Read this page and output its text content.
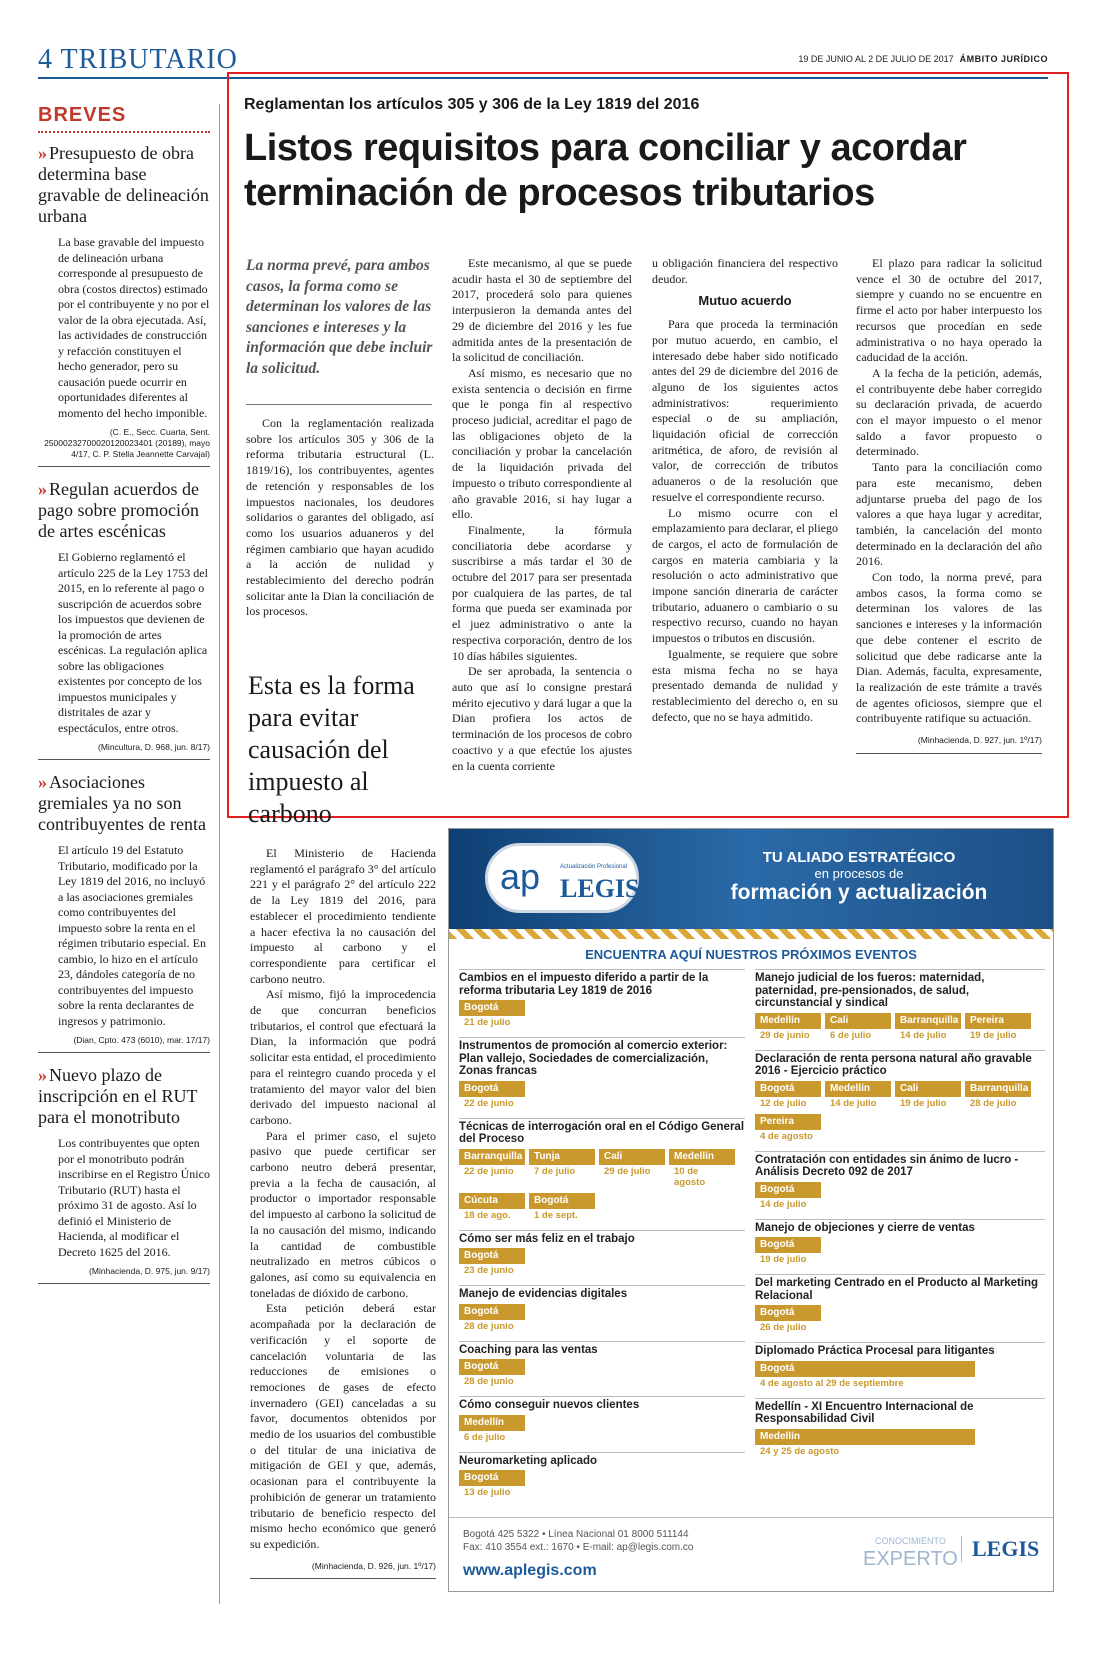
4 TRIBUTARIO	19 DE JUNIO AL 2 DE JULIO DE 2017 ÁMBITO JURÍDICO
BREVES
» Presupuesto de obra determina base gravable de delineación urbana
La base gravable del impuesto de delineación urbana corresponde al presupuesto de obra (costos directos) estimado por el contribuyente y no por el valor de la obra ejecutada. Así, las actividades de construcción y refacción constituyen el hecho generador, pero su causación puede ocurrir en oportunidades diferentes al momento del hecho imponible.
(C. E., Secc. Cuarta, Sent. 25000232700020120023401 (20189), mayo 4/17, C. P. Stella Jeannette Carvajal)
» Regulan acuerdos de pago sobre promoción de artes escénicas
El Gobierno reglamentó el artículo 225 de la Ley 1753 del 2015, en lo referente al pago o suscripción de acuerdos sobre los impuestos que devienen de la promoción de artes escénicas. La regulación aplica sobre las obligaciones existentes por concepto de los impuestos municipales y distritales de azar y espectáculos, entre otros.
(Mincultura, D. 968, jun. 8/17)
» Asociaciones gremiales ya no son contribuyentes de renta
El artículo 19 del Estatuto Tributario, modificado por la Ley 1819 del 2016, no incluyó a las asociaciones gremiales como contribuyentes del impuesto sobre la renta en el régimen tributario especial. En cambio, lo hizo en el artículo 23, dándoles categoría de no contribuyentes del impuesto sobre la renta declarantes de ingresos y patrimonio.
(Dian, Cpto. 473 (6010), mar. 17/17)
» Nuevo plazo de inscripción en el RUT para el monotributo
Los contribuyentes que opten por el monotributo podrán inscribirse en el Registro Único Tributario (RUT) hasta el próximo 31 de agosto. Así lo definió el Ministerio de Hacienda, al modificar el Decreto 1625 del 2016.
(Minhacienda, D. 975, jun. 9/17)
Reglamentan los artículos 305 y 306 de la Ley 1819 del 2016
Listos requisitos para conciliar y acordar terminación de procesos tributarios
La norma prevé, para ambos casos, la forma como se determinan los valores de las sanciones e intereses y la información que debe incluir la solicitud.

Con la reglamentación realizada sobre los artículos 305 y 306 de la reforma tributaria estructural (L. 1819/16), los contribuyentes, agentes de retención y responsables de los impuestos nacionales, los deudores solidarios o garantes del obligado, así como los usuarios aduaneros y del régimen cambiario que hayan acudido a la acción de nulidad y restablecimiento del derecho podrán solicitar ante la Dian la conciliación de los procesos.

Este mecanismo, al que se puede acudir hasta el 30 de septiembre del 2017, procederá solo para quienes interpusieron la demanda antes del 29 de diciembre del 2016 y les fue admitida antes de la presentación de la solicitud de conciliación.

Así mismo, es necesario que no exista sentencia o decisión en firme que le ponga fin al respectivo proceso judicial, acreditar el pago de las obligaciones objeto de la conciliación y probar la cancelación de la liquidación privada del impuesto o tributo correspondiente al año gravable 2016, si hay lugar a ello.

Finalmente, la fórmula conciliatoria debe acordarse y suscribirse a más tardar el 30 de octubre del 2017 para ser presentada por cualquiera de las partes, de tal forma que pueda ser examinada por el juez administrativo o ante la respectiva corporación, dentro de los 10 días hábiles siguientes.

De ser aprobada, la sentencia o auto que así lo consigne prestará mérito ejecutivo y dará lugar a que la Dian profiera los actos de terminación de los procesos de cobro coactivo y a que efectúe los ajustes en la cuenta corriente

u obligación financiera del respectivo deudor.
Mutuo acuerdo

Para que proceda la terminación por mutuo acuerdo, en cambio, el interesado debe haber sido notificado antes del 29 de diciembre del 2016 de alguno de los siguientes actos administrativos: requerimiento especial o de su ampliación, liquidación oficial de corrección aritmética, de aforo, de revisión al valor, de corrección de tributos aduaneros o de la resolución que resuelve el correspondiente recurso.

Lo mismo ocurre con el emplazamiento para declarar, el pliego de cargos, el acto de formulación de cargos en materia cambiaria y la resolución o acto administrativo que impone sanción dineraria de carácter tributario, aduanero o cambiario o su respectivo recurso, cuando no hayan impuestos o tributos en discusión.

Igualmente, se requiere que sobre esta misma fecha no se haya presentado demanda de nulidad y restablecimiento del derecho o, en su defecto, que no se haya admitido.

El plazo para radicar la solicitud vence el 30 de octubre del 2017, siempre y cuando no se encuentre en firme el acto por haber interpuesto los recursos que procedían en sede administrativa o no haya operado la caducidad de la acción.

A la fecha de la petición, además, el contribuyente debe haber corregido su declaración privada, de acuerdo con el mayor impuesto o el menor saldo a favor propuesto o determinado.

Tanto para la conciliación como para este mecanismo, deben adjuntarse prueba del pago de los valores a que haya lugar y acreditar, también, la cancelación del monto determinado en la declaración del año 2016.

Con todo, la norma prevé, para ambos casos, la forma como se determinan los valores de las sanciones e intereses y la información que debe contener el escrito de solicitud que debe radicarse ante la Dian. Además, faculta, expresamente, la realización de este trámite a través de agentes oficiosos, siempre que el contribuyente ratifique su actuación.

(Minhacienda, D. 927, jun. 1º/17)
Esta es la forma para evitar causación del impuesto al carbono

El Ministerio de Hacienda reglamentó el parágrafo 3° del artículo 221 y el parágrafo 2° del artículo 222 de la Ley 1819 del 2016, para establecer el procedimiento tendiente a hacer efectiva la no causación del impuesto al carbono y el correspondiente para certificar el carbono neutro.

Así mismo, fijó la improcedencia de que concurran beneficios tributarios, el control que efectuará la Dian, la información que podrá solicitar esta entidad, el procedimiento para el reintegro cuando proceda y el tratamiento del mayor valor del bien derivado del impuesto nacional al carbono.

Para el primer caso, el sujeto pasivo que puede certificar ser carbono neutro deberá presentar, previa a la fecha de causación, al productor o importador responsable del impuesto al carbono la solicitud de la no causación del mismo, indicando la cantidad de combustible neutralizado en metros cúbicos o galones, así como su equivalencia en toneladas de dióxido de carbono.

Esta petición deberá estar acompañada por la declaración de verificación y el soporte de cancelación voluntaria de las reducciones de emisiones o remociones de gases de efecto invernadero (GEI) canceladas a su favor, documentos obtenidos por medio de los usuarios del combustible o del titular de una iniciativa de mitigación de GEI y que, además, ocasionan para el contribuyente la prohibición de generar un tratamiento tributario de beneficio respecto del mismo hecho económico que generó su expedición.

(Minhacienda, D. 926, jun. 1º/17)
ap	Actualización Profesional
LEGIS
TU ALIADO ESTRATÉGICO
en procesos de
formación y actualización
ENCUENTRA AQUÍ NUESTROS PRÓXIMOS EVENTOS
Cambios en el impuesto diferido a partir de la reforma tributaria Ley 1819 de 2016
Bogotá
21 de julio
Instrumentos de promoción al comercio exterior: Plan vallejo, Sociedades de comercialización, Zonas francas
Bogotá
22 de junio
Técnicas de interrogación oral en el Código General del Proceso
Barranquilla
22 de junio
Tunja
7 de julio
Cali
29 de julio
Medellín
10 de agosto
Cúcuta
18 de ago.
Bogotá
1 de sept.
Cómo ser más feliz en el trabajo
Bogotá
23 de junio
Manejo de evidencias digitales
Bogotá
28 de junio
Coaching para las ventas
Bogotá
28 de junio
Cómo conseguir nuevos clientes
Medellín
6 de julio
Neuromarketing aplicado
Bogotá
13 de julio
Manejo judicial de los fueros: maternidad, paternidad, pre-pensionados, de salud, circunstancial y sindical
Medellín
29 de junio
Cali
6 de julio
Barranquilla
14 de julio
Pereira
19 de julio
Declaración de renta persona natural año gravable 2016 - Ejercicio práctico
Bogotá
12 de julio
Medellín
14 de julio
Cali
19 de julio
Barranquilla
28 de julio
Pereira
4 de agosto
Contratación con entidades sin ánimo de lucro - Análisis Decreto 092 de 2017
Bogotá
14 de julio
Manejo de objeciones y cierre de ventas
Bogotá
19 de julio
Del marketing Centrado en el Producto al Marketing Relacional
Bogotá
26 de julio
Diplomado Práctica Procesal para litigantes
Bogotá
4 de agosto al 29 de septiembre
Medellín - XI Encuentro Internacional de Responsabilidad Civil
Medellín
24 y 25 de agosto
Bogotá 425 5322 • Línea Nacional 01 8000 511144
Fax: 410 3554 ext.: 1670 • E-mail: ap@legis.com.co
www.aplegis.com
CONOCIMIENTO
EXPERTO LEGIS
